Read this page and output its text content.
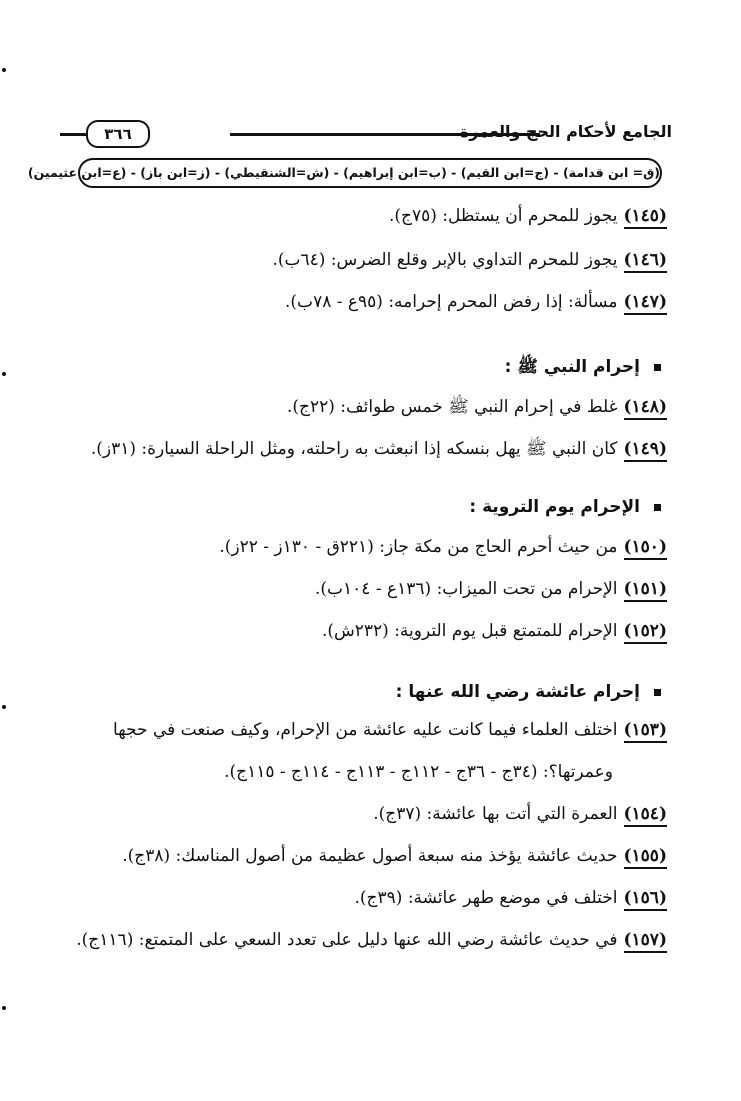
٣٦٦	الجامع لأحكام الحج والعمرة
(ق= ابن قدامة) - (ج=ابن القيم) - (ب=ابن إبراهيم) - (ش=الشنقيطي) - (ز=ابن باز) - (ع=ابن عثيمين)
(١٤٥)يجوز للمحرم أن يستظل: (٧٥ج).
(١٤٦)يجوز للمحرم التداوي بالإبر وقلع الضرس: (٦٤ب).
(١٤٧)مسألة: إذا رفض المحرم إحرامه: (٩٥ع - ٧٨ب).
إحرام النبي ﷺ :
(١٤٨)غلط في إحرام النبي ﷺ خمس طوائف: (٢٢ج).
(١٤٩)كان النبي ﷺ يهل بنسكه إذا انبعثت به راحلته، ومثل الراحلة السيارة: (٣١ز).
الإحرام يوم التروية :
(١٥٠)من حيث أحرم الحاج من مكة جاز: (٢٢١ق - ١٣٠ز - ٢٢ز).
(١٥١)الإحرام من تحت الميزاب: (١٣٦ع - ١٠٤ب).
(١٥٢)الإحرام للمتمتع قبل يوم التروية: (٢٣٢ش).
إحرام عائشة رضي الله عنها :
(١٥٣)اختلف العلماء فيما كانت عليه عائشة من الإحرام، وكيف صنعت في حجها
وعمرتها؟: (٣٤ج - ٣٦ج - ١١٢ج - ١١٣ج - ١١٤ج - ١١٥ج).
(١٥٤)العمرة التي أتت بها عائشة: (٣٧ج).
(١٥٥)حديث عائشة يؤخذ منه سبعة أصول عظيمة من أصول المناسك: (٣٨ج).
(١٥٦)اختلف في موضع طهر عائشة: (٣٩ج).
(١٥٧)في حديث عائشة رضي الله عنها دليل على تعدد السعي على المتمتع: (١١٦ج).
